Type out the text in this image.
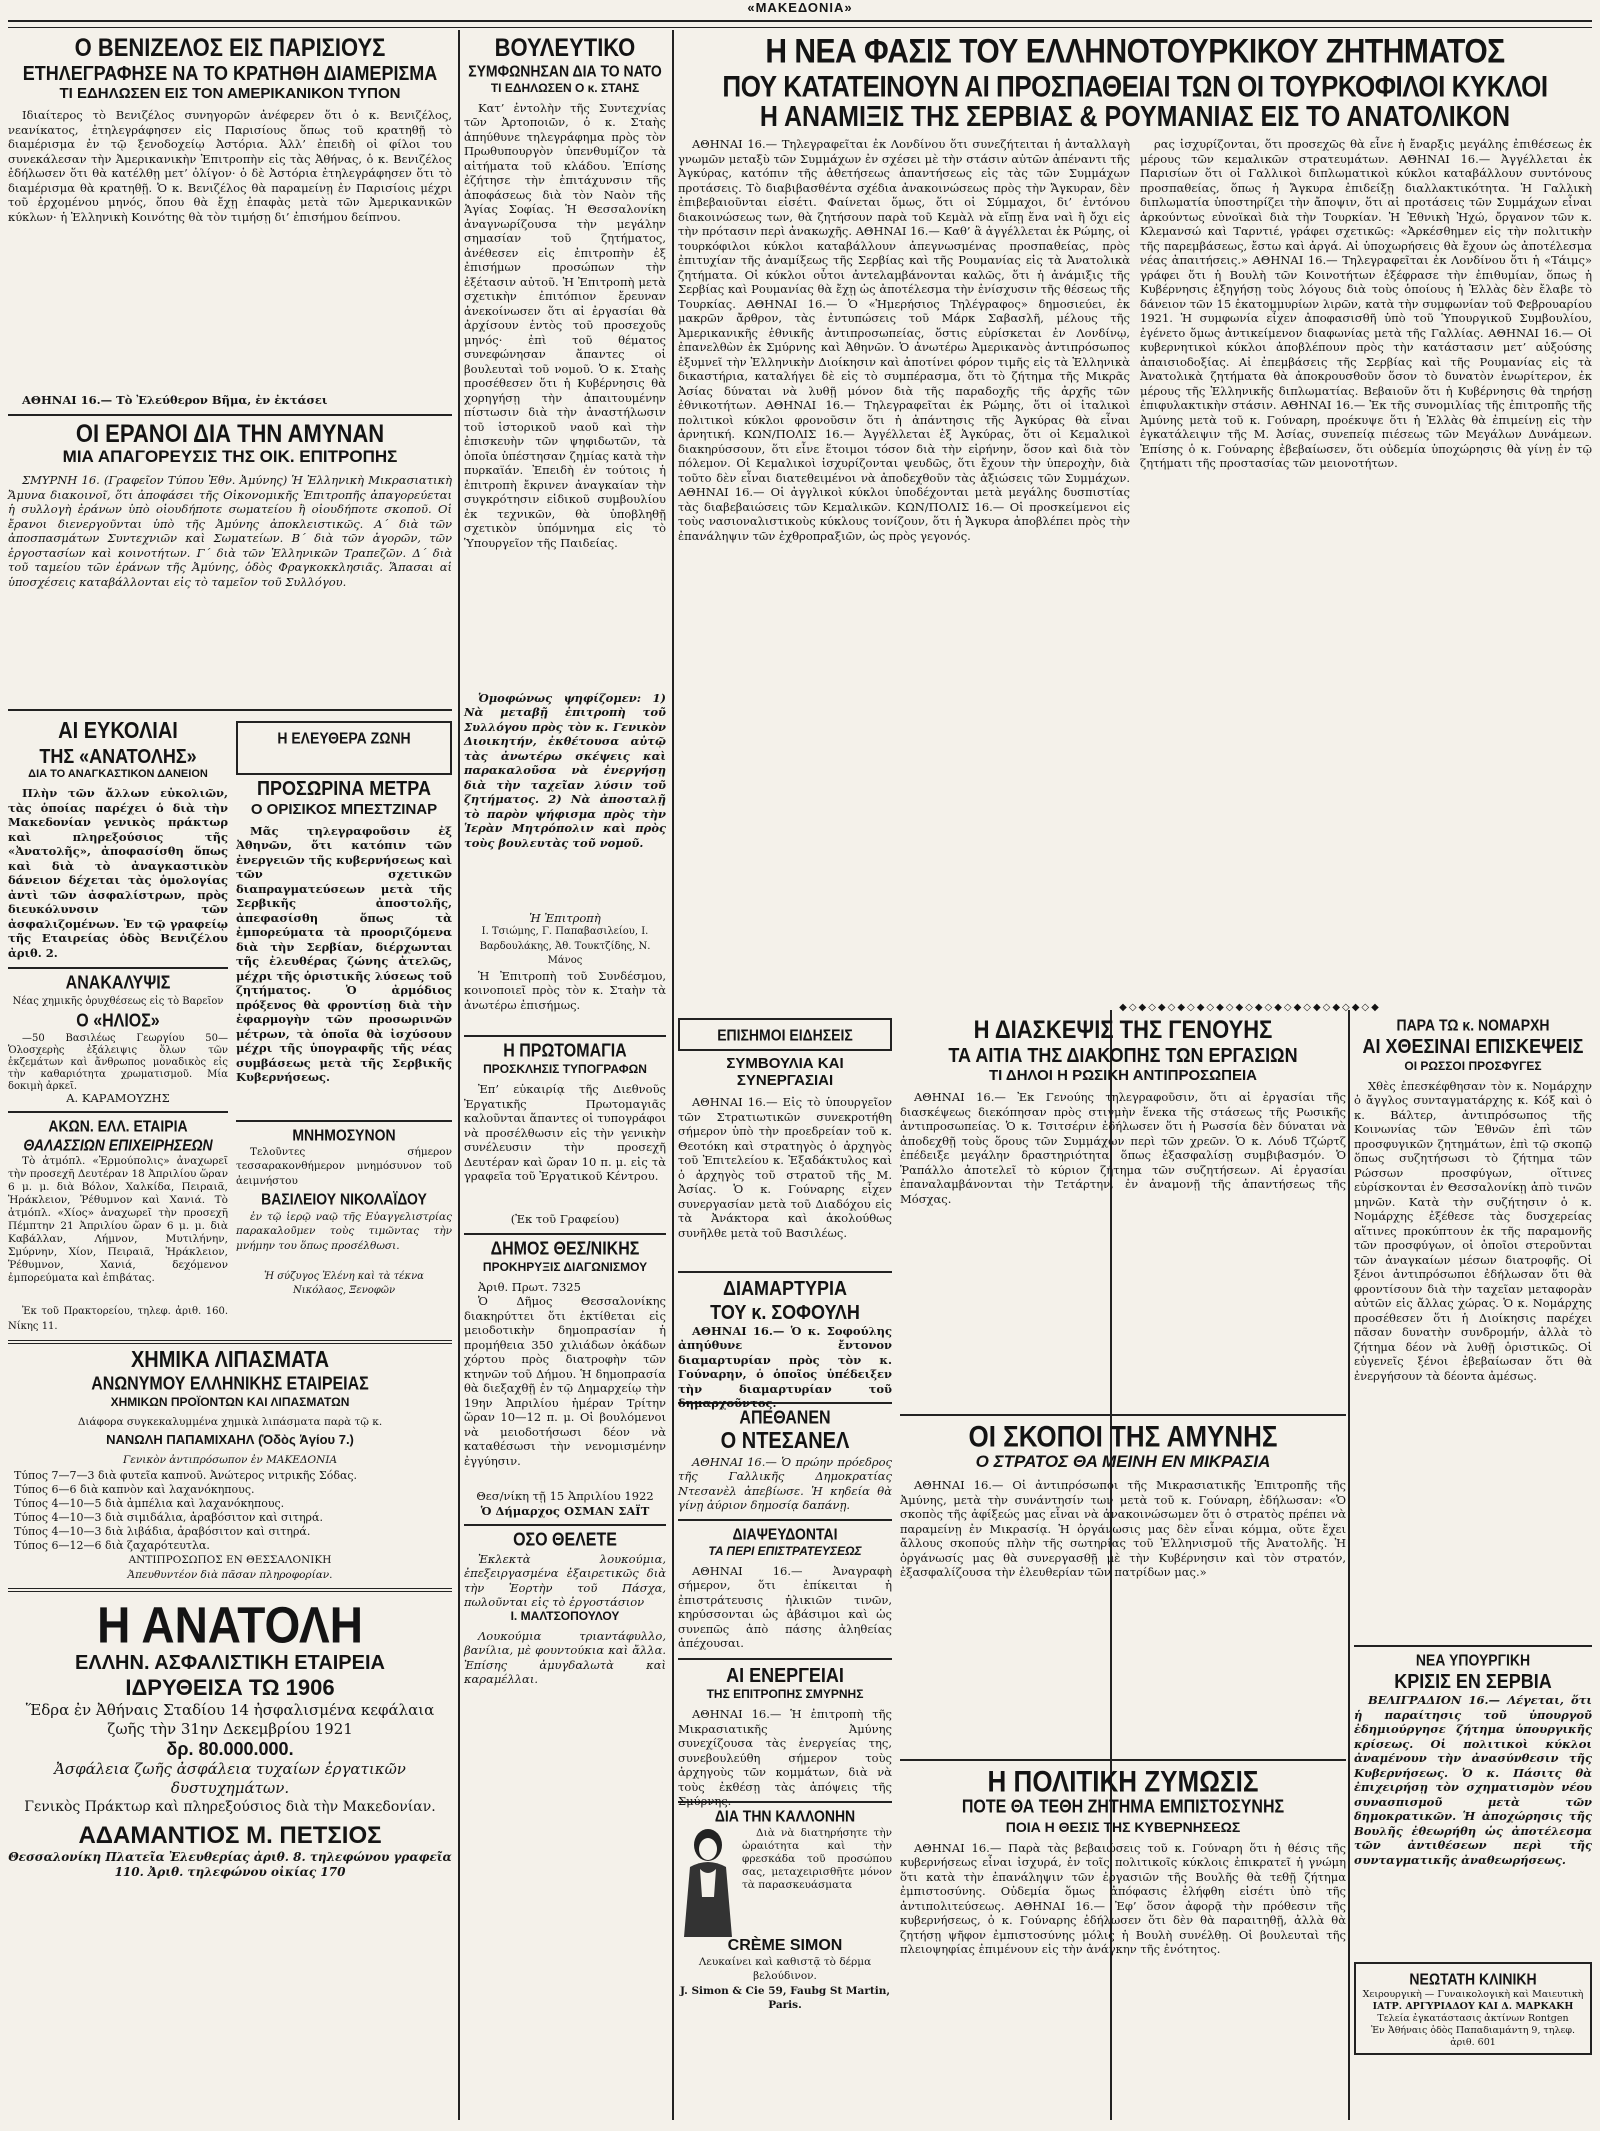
«ΜΑΚΕΔΟΝΙΑ»
Ο ΒΕΝΙΖΕΛΟΣ ΕΙΣ ΠΑΡΙΣΙΟΥΣ
ΕΤΗΛΕΓΡΑΦΗΣΕ ΝΑ ΤΟ ΚΡΑΤΗΘΗ ΔΙΑΜΕΡΙΣΜΑ
ΤΙ ΕΔΗΛΩΣΕΝ ΕΙΣ ΤΟΝ ΑΜΕΡΙΚΑΝΙΚΟΝ ΤΥΠΟΝ
Ιδιαίτερος τὸ Βενιζέλος συνηγορῶν ἀνέφερεν ὅτι ὁ κ. Βενιζέλος, νεανίκατος, ἐτηλεγράφησεν εἰς Παρισίους ὅπως τοῦ κρατηθῇ τὸ διαμέρισμα ἐν τῷ ξενοδοχείῳ Ἀστόρια. Ἀλλ’ ἐπειδὴ οἱ φίλοι του συνεκάλεσαν τὴν Ἀμερικανικὴν Ἐπιτροπὴν εἰς τὰς Ἀθήνας, ὁ κ. Βενιζέλος ἐδήλωσεν ὅτι θὰ κατέλθῃ μετ’ ὀλίγον· ὁ δὲ Ἀστόρια ἐτηλεγράφησεν ὅτι τὸ διαμέρισμα θὰ κρατηθῇ. Ὁ κ. Βενιζέλος θὰ παραμείνῃ ἐν Παρισίοις μέχρι τοῦ ἐρχομένου μηνός, ὅπου θὰ ἔχῃ ἐπαφὰς μετὰ τῶν Ἀμερικανικῶν κύκλων· ἡ Ἑλληνικὴ Κοινότης θὰ τὸν τιμήσῃ δι’ ἐπισήμου δείπνου.
ΑΘΗΝΑΙ 16.— Τὸ Ἐλεύθερον Βῆμα, ἐν ἐκτάσει
ΟΙ ΕΡΑΝΟΙ ΔΙΑ ΤΗΝ ΑΜΥΝΑΝ
ΜΙΑ ΑΠΑΓΟΡΕΥΣΙΣ ΤΗΣ ΟΙΚ. ΕΠΙΤΡΟΠΗΣ
ΣΜΥΡΝΗ 16. (Γραφεῖον Τύπου Ἐθν. Ἀμύνης) Ἡ Ἑλληνικὴ Μικρασιατικὴ Ἄμυνα διακοινοῖ, ὅτι ἀποφάσει τῆς Οἰκονομικῆς Ἐπιτροπῆς ἀπαγορεύεται ἡ συλλογὴ ἐράνων ὑπὸ οἱουδήποτε σωματείου ἢ οἱουδήποτε σκοποῦ. Οἱ ἔρανοι διενεργοῦνται ὑπὸ τῆς Ἀμύνης ἀποκλειστικῶς. Α΄ διὰ τῶν ἀποσπασμάτων Συντεχνιῶν καὶ Σωματείων. Β΄ διὰ τῶν ἀγορῶν, τῶν ἐργοστασίων καὶ κοινοτήτων. Γ΄ διὰ τῶν Ἑλληνικῶν Τραπεζῶν. Δ΄ διὰ τοῦ ταμείου τῶν ἐράνων τῆς Ἀμύνης, ὁδὸς Φραγκοκκλησιᾶς. Ἅπασαι αἱ ὑποσχέσεις καταβάλλονται εἰς τὸ ταμεῖον τοῦ Συλλόγου.
ΑΙ ΕΥΚΟΛΙΑΙ
ΤΗΣ «ΑΝΑΤΟΛΗΣ»
ΔΙΑ ΤΟ ΑΝΑΓΚΑΣΤΙΚΟΝ ΔΑΝΕΙΟΝ
Πλὴν τῶν ἄλλων εὐκολιῶν, τὰς ὁποίας παρέχει ὁ διὰ τὴν Μακεδονίαν γενικὸς πράκτωρ καὶ πληρεξούσιος τῆς «Ἀνατολῆς», ἀποφασίσθη ὅπως καὶ διὰ τὸ ἀναγκαστικὸν δάνειον δέχεται τὰς ὁμολογίας ἀντὶ τῶν ἀσφαλίστρων, πρὸς διευκόλυνσιν τῶν ἀσφαλιζομένων. Ἐν τῷ γραφείῳ τῆς Εταιρείας ὁδὸς Βενιζέλου ἀριθ. 2.
ΑΝΑΚΑΛΥΨΙΣ
Νέας χημικῆς ὀρυχθέσεως εἰς τὸ Βαρεῖον
Ο «ΗΛΙΟΣ»
—50 Βασιλέως Γεωργίου 50— Ὁλοσχερὴς ἐξάλειψις ὅλων τῶν ἐκζεμάτων καὶ ἄνθρωπος μοναδικὸς εἰς τὴν καθαριότητα χρωματισμοῦ. Μία δοκιμὴ ἀρκεῖ.
Α. ΚΑΡΑΜΟΥΖΗΣ
ΑΚΩΝ. ΕΛΛ. ΕΤΑΙΡΙΑ
ΘΑΛΑΣΣΙΩΝ ΕΠΙΧΕΙΡΗΣΕΩΝ
Τὸ ἀτμόπλ. «Ἑρμούπολις» ἀναχωρεῖ τὴν προσεχῆ Δευτέραν 18 Ἀπριλίου ὥραν 6 μ. μ. διὰ Βόλον, Χαλκίδα, Πειραιᾶ, Ἡράκλειον, Ῥέθυμνον καὶ Χανιά. Τὸ ἀτμόπλ. «Χίος» ἀναχωρεῖ τὴν προσεχῆ Πέμπτην 21 Ἀπριλίου ὥραν 6 μ. μ. διὰ Καβάλλαν, Λήμνον, Μυτιλήνην, Σμύρνην, Χίον, Πειραιᾶ, Ἡράκλειον, Ῥέθυμνον, Χανιά, δεχόμενον ἐμπορεύματα καὶ ἐπιβάτας.
Ἐκ τοῦ Πρακτορείου, τηλεφ. ἀριθ. 160. Νίκης 11.
Η ΕΛΕΥΘΕΡΑ ΖΩΝΗ
ΠΡΟΣΩΡΙΝΑ ΜΕΤΡΑ
Ο ΟΡΙΣΙΚΟΣ ΜΠΕΣΤΖΙΝΑΡ
Μᾶς τηλεγραφοῦσιν ἐξ Ἀθηνῶν, ὅτι κατόπιν τῶν ἐνεργειῶν τῆς κυβερνήσεως καὶ τῶν σχετικῶν διαπραγματεύσεων μετὰ τῆς Σερβικῆς ἀποστολῆς, ἀπεφασίσθη ὅπως τὰ ἐμπορεύματα τὰ προοριζόμενα διὰ τὴν Σερβίαν, διέρχωνται τῆς ἐλευθέρας ζώνης ἀτελῶς, μέχρι τῆς ὁριστικῆς λύσεως τοῦ ζητήματος. Ὁ ἀρμόδιος πρόξενος θὰ φροντίσῃ διὰ τὴν ἐφαρμογὴν τῶν προσωρινῶν μέτρων, τὰ ὁποῖα θὰ ἰσχύσουν μέχρι τῆς ὑπογραφῆς τῆς νέας συμβάσεως μετὰ τῆς Σερβικῆς Κυβερνήσεως.
ΜΝΗΜΟΣΥΝΟΝ
Τελοῦντες σήμερον τεσσαρακονθήμερον μνημόσυνον τοῦ ἀειμνήστου
ΒΑΣΙΛΕΙΟΥ ΝΙΚΟΛΑΪΔΟΥ
ἐν τῷ ἱερῷ ναῷ τῆς Εὐαγγελιστρίας παρακαλοῦμεν τοὺς τιμῶντας τὴν μνήμην του ὅπως προσέλθωσι.
Ἡ σύζυγος Ἑλένη καὶ τὰ τέκνα Νικόλαος, Ξενοφῶν
ΧΗΜΙΚΑ ΛΙΠΑΣΜΑΤΑ
ΑΝΩΝΥΜΟΥ ΕΛΛΗΝΙΚΗΣ ΕΤΑΙΡΕΙΑΣ
ΧΗΜΙΚΩΝ ΠΡΟΪΟΝΤΩΝ ΚΑΙ ΛΙΠΑΣΜΑΤΩΝ
Διάφορα συγκεκαλυμμένα χημικὰ λιπάσματα παρὰ τῷ κ.
ΝΑΝΩΛΗ ΠΑΠΑΜΙΧΑΗΛ (Ὁδὸς Ἁγίου 7.)
Γενικὸν ἀντιπρόσωπον ἐν ΜΑΚΕΔΟΝΙΑ
Τύπος 7—7—3 διὰ φυτεῖα καπνοῦ. Ἀνώτερος νιτρικῆς Σόδας.
Τύπος 6—6 διὰ καπνὸν καὶ λαχανόκηπους.
Τύπος 4—10—5 διὰ ἀμπέλια καὶ λαχανόκηπους.
Τύπος 4—10—3 διὰ σιμιδάλια, ἀραβόσιτον καὶ σιτηρά.
Τύπος 4—10—3 διὰ λιβάδια, ἀραβόσιτον καὶ σιτηρά.
Τύπος 6—12—6 διὰ ζαχαρότευτλα.
ΑΝΤΙΠΡΟΣΩΠΟΣ ΕΝ ΘΕΣΣΑΛΟΝΙΚΗ
Ἀπευθυντέον διὰ πᾶσαν πληροφορίαν.
Η ΑΝΑΤΟΛΗ
ΕΛΛΗΝ. ΑΣΦΑΛΙΣΤΙΚΗ ΕΤΑΙΡΕΙΑ
ΙΔΡΥΘΕΙΣΑ ΤΩ 1906
Ἕδρα ἐν Ἀθήναις Σταδίου 14 ἠσφαλισμένα κεφάλαια ζωῆς τὴν 31ην Δεκεμβρίου 1921
δρ. 80.000.000.
Ἀσφάλεια ζωῆς ἀσφάλεια τυχαίων ἐργατικῶν δυστυχημάτων.
Γενικὸς Πράκτωρ καὶ πληρεξούσιος διὰ τὴν Μακεδονίαν.
ΑΔΑΜΑΝΤΙΟΣ Μ. ΠΕΤΣΙΟΣ
Θεσσαλονίκη Πλατεῖα Ἐλευθερίας ἀριθ. 8. τηλεφώνου γραφεῖα 110. Ἀριθ. τηλεφώνου οἰκίας 170
ΒΟΥΛΕΥΤΙΚΟ
ΣΥΜΦΩΝΗΣΑΝ ΔΙΑ ΤΟ ΝΑΤΟ
ΤΙ ΕΔΗΛΩΣΕΝ Ο κ. ΣΤΑΗΣ
Κατ’ ἐντολὴν τῆς Συντεχνίας τῶν Ἀρτοποιῶν, ὁ κ. Σταὴς ἀπηύθυνε τηλεγράφημα πρὸς τὸν Πρωθυπουργὸν ὑπενθυμίζον τὰ αἰτήματα τοῦ κλάδου. Ἐπίσης ἐζήτησε τὴν ἐπιτάχυνσιν τῆς ἀποφάσεως διὰ τὸν Ναὸν τῆς Ἁγίας Σοφίας. Ἡ Θεσσαλονίκη ἀναγνωρίζουσα τὴν μεγάλην σημασίαν τοῦ ζητήματος, ἀνέθεσεν εἰς ἐπιτροπὴν ἐξ ἐπισήμων προσώπων τὴν ἐξέτασιν αὐτοῦ. Ἡ Ἐπιτροπὴ μετὰ σχετικὴν ἐπιτόπιον ἔρευναν ἀνεκοίνωσεν ὅτι αἱ ἐργασίαι θὰ ἀρχίσουν ἐντὸς τοῦ προσεχοῦς μηνός· ἐπὶ τοῦ θέματος συνεφώνησαν ἅπαντες οἱ βουλευταὶ τοῦ νομοῦ. Ὁ κ. Σταὴς προσέθεσεν ὅτι ἡ Κυβέρνησις θὰ χορηγήσῃ τὴν ἀπαιτουμένην πίστωσιν διὰ τὴν ἀναστήλωσιν τοῦ ἱστορικοῦ ναοῦ καὶ τὴν ἐπισκευὴν τῶν ψηφιδωτῶν, τὰ ὁποῖα ὑπέστησαν ζημίας κατὰ τὴν πυρκαϊάν. Ἐπειδὴ ἐν τούτοις ἡ ἐπιτροπὴ ἔκρινεν ἀναγκαίαν τὴν συγκρότησιν εἰδικοῦ συμβουλίου ἐκ τεχνικῶν, θὰ ὑποβληθῇ σχετικὸν ὑπόμνημα εἰς τὸ Ὑπουργεῖον τῆς Παιδείας.
Ὁμοφώνως ψηφίζομεν: 1) Νὰ μεταβῇ ἐπιτροπὴ τοῦ Συλλόγου πρὸς τὸν κ. Γενικὸν Διοικητήν, ἐκθέτουσα αὐτῷ τὰς ἀνωτέρω σκέψεις καὶ παρακαλοῦσα νὰ ἐνεργήσῃ διὰ τὴν ταχεῖαν λύσιν τοῦ ζητήματος. 2) Νὰ ἀποσταλῇ τὸ παρὸν ψήφισμα πρὸς τὴν Ἱερὰν Μητρόπολιν καὶ πρὸς τοὺς βουλευτὰς τοῦ νομοῦ.
Ἡ Ἐπιτροπὴ
Ι. Τσιώμης, Γ. Παπαβασιλείου, Ι. Βαρδουλάκης, Ἀθ. Τουκτζίδης, Ν. Μάνος
Ἡ Ἐπιτροπὴ τοῦ Συνδέσμου, κοινοποιεῖ πρὸς τὸν κ. Σταὴν τὰ ἀνωτέρω ἐπισήμως.
Η ΠΡΩΤΟΜΑΓΙΑ
ΠΡΟΣΚΛΗΣΙΣ ΤΥΠΟΓΡΑΦΩΝ
Ἐπ’ εὐκαιρίᾳ τῆς Διεθνοῦς Ἐργατικῆς Πρωτομαγιᾶς καλοῦνται ἅπαντες οἱ τυπογράφοι νὰ προσέλθωσιν εἰς τὴν γενικὴν συνέλευσιν τὴν προσεχῆ Δευτέραν καὶ ὥραν 10 π. μ. εἰς τὰ γραφεῖα τοῦ Ἐργατικοῦ Κέντρου.
(Ἐκ τοῦ Γραφείου)
ΔΗΜΟΣ ΘΕΣ/ΝΙΚΗΣ
ΠΡΟΚΗΡΥΞΙΣ ΔΙΑΓΩΝΙΣΜΟΥ
Ἀριθ. Πρωτ. 7325
Ὁ Δῆμος Θεσσαλονίκης διακηρύττει ὅτι ἐκτίθεται εἰς μειοδοτικὴν δημοπρασίαν ἡ προμήθεια 350 χιλιάδων ὀκάδων χόρτου πρὸς διατροφὴν τῶν κτηνῶν τοῦ Δήμου. Ἡ δημοπρασία θὰ διεξαχθῇ ἐν τῷ Δημαρχείῳ τὴν 19ην Ἀπριλίου ἡμέραν Τρίτην ὥραν 10—12 π. μ. Οἱ βουλόμενοι νὰ μειοδοτήσωσι δέον νὰ καταθέσωσι τὴν νενομισμένην ἐγγύησιν.
Θεσ/νίκη τῇ 15 Ἀπριλίου 1922
Ὁ Δήμαρχος ΟΣΜΑΝ ΣΑΪΤ
ΟΣΟ ΘΕΛΕΤΕ
Ἐκλεκτὰ λουκούμια, ἐπεξειργασμένα ἐξαιρετικῶς διὰ τὴν Ἑορτὴν τοῦ Πάσχα, πωλοῦνται εἰς τὸ ἐργοστάσιον
Ι. ΜΑΛΤΣΟΠΟΥΛΟΥ
Λουκούμια τριαντάφυλλο, βανίλια, μὲ φουντούκια καὶ ἄλλα. Ἐπίσης ἀμυγδαλωτὰ καὶ καραμέλλαι.
Η ΝΕΑ ΦΑΣΙΣ ΤΟΥ ΕΛΛΗΝΟΤΟΥΡΚΙΚΟΥ ΖΗΤΗΜΑΤΟΣ
ΠΟΥ ΚΑΤΑΤΕΙΝΟΥΝ ΑΙ ΠΡΟΣΠΑΘΕΙΑΙ ΤΩΝ ΟΙ ΤΟΥΡΚΟΦΙΛΟΙ ΚΥΚΛΟΙ
Η ΑΝΑΜΙΞΙΣ ΤΗΣ ΣΕΡΒΙΑΣ & ΡΟΥΜΑΝΙΑΣ ΕΙΣ ΤΟ ΑΝΑΤΟΛΙΚΟΝ
ΑΘΗΝΑΙ 16.— Τηλεγραφεῖται ἐκ Λονδίνου ὅτι συνεζήτειται ἡ ἀνταλλαγὴ γνωμῶν μεταξὺ τῶν Συμμάχων ἐν σχέσει μὲ τὴν στάσιν αὐτῶν ἀπέναντι τῆς Ἀγκύρας, κατόπιν τῆς ἀθετήσεως ἀπαντήσεως εἰς τὰς τῶν Συμμάχων προτάσεις. Τὸ διαβιβασθέντα σχέδια ἀνακοινώσεως πρὸς τὴν Ἄγκυραν, δὲν ἐπιβεβαιοῦνται εἰσέτι. Φαίνεται ὅμως, ὅτι οἱ Σύμμαχοι, δι’ ἐντόνου διακοινώσεως των, θὰ ζητήσουν παρὰ τοῦ Κεμὰλ νὰ εἴπῃ ἕνα ναὶ ἢ ὄχι εἰς τὴν πρότασιν περὶ ἀνακωχῆς. ΑΘΗΝΑΙ 16.— Καθ’ ἃ ἀγγέλλεται ἐκ Ρώμης, οἱ τουρκόφιλοι κύκλοι καταβάλλουν ἀπεγνωσμένας προσπαθείας, πρὸς ἐπιτυχίαν τῆς ἀναμίξεως τῆς Σερβίας καὶ τῆς Ρουμανίας εἰς τὰ Ἀνατολικὰ ζητήματα. Οἱ κύκλοι οὗτοι ἀντελαμβάνονται καλῶς, ὅτι ἡ ἀνάμιξις τῆς Σερβίας καὶ Ρουμανίας θὰ ἔχῃ ὡς ἀποτέλεσμα τὴν ἐνίσχυσιν τῆς θέσεως τῆς Τουρκίας. ΑΘΗΝΑΙ 16.— Ὁ «Ἡμερήσιος Τηλέγραφος» δημοσιεύει, ἐκ μακρῶν ἄρθρον, τὰς ἐντυπώσεις τοῦ Μάρκ Σαβασλῆ, μέλους τῆς Ἀμερικανικῆς ἐθνικῆς ἀντιπροσωπείας, ὅστις εὑρίσκεται ἐν Λονδίνῳ, ἐπανελθὼν ἐκ Σμύρνης καὶ Ἀθηνῶν. Ὁ ἀνωτέρω Ἀμερικανὸς ἀντιπρόσωπος ἐξυμνεῖ τὴν Ἑλληνικὴν Διοίκησιν καὶ ἀποτίνει φόρον τιμῆς εἰς τὰ Ἑλληνικὰ δικαστήρια, καταλήγει δὲ εἰς τὸ συμπέρασμα, ὅτι τὸ ζήτημα τῆς Μικρᾶς Ἀσίας δύναται νὰ λυθῇ μόνον διὰ τῆς παραδοχῆς τῆς ἀρχῆς τῶν ἐθνικοτήτων. ΑΘΗΝΑΙ 16.— Τηλεγραφεῖται ἐκ Ρώμης, ὅτι οἱ ἰταλικοὶ πολιτικοὶ κύκλοι φρονοῦσιν ὅτι ἡ ἀπάντησις τῆς Ἀγκύρας θὰ εἶναι ἀρνητική. ΚΩΝ/ΠΟΛΙΣ 16.— Ἀγγέλλεται ἐξ Ἀγκύρας, ὅτι οἱ Κεμαλικοὶ διακηρύσσουν, ὅτι εἶνε ἕτοιμοι τόσον διὰ τὴν εἰρήνην, ὅσον καὶ διὰ τὸν πόλεμον. Οἱ Κεμαλικοὶ ἰσχυρίζονται ψευδῶς, ὅτι ἔχουν τὴν ὑπεροχὴν, διὰ τοῦτο δὲν εἶναι διατεθειμένοι νὰ ἀποδεχθοῦν τὰς ἀξιώσεις τῶν Συμμάχων. ΑΘΗΝΑΙ 16.— Οἱ ἀγγλικοὶ κύκλοι ὑποδέχονται μετὰ μεγάλης δυσπιστίας τὰς διαβεβαιώσεις τῶν Κεμαλικῶν. ΚΩΝ/ΠΟΛΙΣ 16.— Οἱ προσκείμενοι εἰς τοὺς νασιοναλιστικοὺς κύκλους τονίζουν, ὅτι ἡ Ἄγκυρα ἀποβλέπει πρὸς τὴν ἐπανάληψιν τῶν ἐχθροπραξιῶν, ὡς πρὸς γεγονός.
ρας ἰσχυρίζονται, ὅτι προσεχῶς θὰ εἶνε ἡ ἔναρξις μεγάλης ἐπιθέσεως ἐκ μέρους τῶν κεμαλικῶν στρατευμάτων. ΑΘΗΝΑΙ 16.— Ἀγγέλλεται ἐκ Παρισίων ὅτι οἱ Γαλλικοὶ διπλωματικοὶ κύκλοι καταβάλλουν συντόνους προσπαθείας, ὅπως ἡ Ἄγκυρα ἐπιδείξῃ διαλλακτικότητα. Ἡ Γαλλικὴ διπλωματία ὑποστηρίζει τὴν ἄποψιν, ὅτι αἱ προτάσεις τῶν Συμμάχων εἶναι ἀρκούντως εὐνοϊκαὶ διὰ τὴν Τουρκίαν. Ἡ Ἐθνικὴ Ἠχώ, ὄργανον τῶν κ. Κλεμανσώ καὶ Ταρντιέ, γράφει σχετικῶς: «Ἀρκέσθημεν εἰς τὴν πολιτικὴν τῆς παρεμβάσεως, ἔστω καὶ ἀργά. Αἱ ὑποχωρήσεις θὰ ἔχουν ὡς ἀποτέλεσμα νέας ἀπαιτήσεις.» ΑΘΗΝΑΙ 16.— Τηλεγραφεῖται ἐκ Λονδίνου ὅτι ἡ «Τάιμς» γράφει ὅτι ἡ Βουλὴ τῶν Κοινοτήτων ἐξέφρασε τὴν ἐπιθυμίαν, ὅπως ἡ Κυβέρνησις ἐξηγήσῃ τοὺς λόγους διὰ τοὺς ὁποίους ἡ Ἑλλὰς δὲν ἔλαβε τὸ δάνειον τῶν 15 ἑκατομμυρίων λιρῶν, κατὰ τὴν συμφωνίαν τοῦ Φεβρουαρίου 1921. Ἡ συμφωνία εἶχεν ἀποφασισθῆ ὑπὸ τοῦ Ὑπουργικοῦ Συμβουλίου, ἐγένετο ὅμως ἀντικείμενον διαφωνίας μετὰ τῆς Γαλλίας. ΑΘΗΝΑΙ 16.— Οἱ κυβερνητικοὶ κύκλοι ἀποβλέπουν πρὸς τὴν κατάστασιν μετ’ αὐξούσης ἀπαισιοδοξίας. Αἱ ἐπεμβάσεις τῆς Σερβίας καὶ τῆς Ρουμανίας εἰς τὰ Ἀνατολικὰ ζητήματα θὰ ἀποκρουσθοῦν ὅσον τὸ δυνατὸν ἐνωρίτερον, ἐκ μέρους τῆς Ἑλληνικῆς διπλωματίας. Βεβαιοῦν ὅτι ἡ Κυβέρνησις θὰ τηρήσῃ ἐπιφυλακτικὴν στάσιν. ΑΘΗΝΑΙ 16.— Ἐκ τῆς συνομιλίας τῆς ἐπιτροπῆς τῆς Ἀμύνης μετὰ τοῦ κ. Γούναρη, προέκυψε ὅτι ἡ Ἑλλὰς θὰ ἐπιμείνῃ εἰς τὴν ἐγκατάλειψιν τῆς Μ. Ἀσίας, συνεπείᾳ πιέσεως τῶν Μεγάλων Δυνάμεων. Ἐπίσης ὁ κ. Γούναρης ἐβεβαίωσεν, ὅτι οὐδεμία ὑποχώρησις θὰ γίνῃ ἐν τῷ ζητήματι τῆς προστασίας τῶν μειονοτήτων.
◆◇◆◇◆◇◆◇◆◇◆◇◆◇◆◇◆◇◆◇◆◇◆◇◆◇◆
ΕΠΙΣΗΜΟΙ ΕΙΔΗΣΕΙΣ
ΣΥΜΒΟΥΛΙΑ ΚΑΙ ΣΥΝΕΡΓΑΣΙΑΙ
ΑΘΗΝΑΙ 16.— Εἰς τὸ ὑπουργεῖον τῶν Στρατιωτικῶν συνεκροτήθη σήμερον ὑπὸ τὴν προεδρείαν τοῦ κ. Θεοτόκη καὶ στρατηγὸς ὁ ἀρχηγὸς τοῦ Ἐπιτελείου κ. Ἐξαδάκτυλος καὶ ὁ ἀρχηγὸς τοῦ στρατοῦ τῆς Μ. Ἀσίας. Ὁ κ. Γούναρης εἶχεν συνεργασίαν μετὰ τοῦ Διαδόχου εἰς τὰ Ἀνάκτορα καὶ ἀκολούθως συνῆλθε μετὰ τοῦ Βασιλέως.
ΔΙΑΜΑΡΤΥΡΙΑ
ΤΟΥ κ. ΣΟΦΟΥΛΗ
ΑΘΗΝΑΙ 16.— Ὁ κ. Σοφούλης ἀπηύθυνε ἔντονον διαμαρτυρίαν πρὸς τὸν κ. Γούναρην, ὁ ὁποῖος ὑπέδειξεν τὴν διαμαρτυρίαν τοῦ δημαρχοῦντος.
ΑΠΕΘΑΝΕΝ
Ο ΝΤΕΣΑΝΕΛ
ΑΘΗΝΑΙ 16.— Ὁ πρώην πρόεδρος τῆς Γαλλικῆς Δημοκρατίας Ντεσανὲλ ἀπεβίωσε. Ἡ κηδεία θὰ γίνῃ ἀύριον δημοσίᾳ δαπάνῃ.
ΔΙΑΨΕΥΔΟΝΤΑΙ
ΤΑ ΠΕΡΙ ΕΠΙΣΤΡΑΤΕΥΣΕΩΣ
ΑΘΗΝΑΙ 16.— Ἀναγραφὴ σήμερον, ὅτι ἐπίκειται ἡ ἐπιστράτευσις ἡλικιῶν τινῶν, κηρύσσονται ὡς ἀβάσιμοι καὶ ὡς συνεπῶς ἀπὸ πάσης ἀληθείας ἀπέχουσαι.
ΑΙ ΕΝΕΡΓΕΙΑΙ
ΤΗΣ ΕΠΙΤΡΟΠΗΣ ΣΜΥΡΝΗΣ
ΑΘΗΝΑΙ 16.— Ἡ ἐπιτροπὴ τῆς Μικρασιατικῆς Ἀμύνης συνεχίζουσα τὰς ἐνεργείας της, συνεβουλεύθη σήμερον τοὺς ἀρχηγοὺς τῶν κομμάτων, διὰ νὰ τοὺς ἐκθέσῃ τὰς ἀπόψεις τῆς Σμύρνης.
ΔΙΑ ΤΗΝ ΚΑΛΛΟΝΗΝ
Διὰ νὰ διατηρήσητε τὴν ὡραιότητα καὶ τὴν φρεσκάδα τοῦ προσώπου σας, μεταχειρισθῆτε μόνον τὰ παρασκευάσματα
CRÈME SIMON
Λευκαίνει καὶ καθιστᾷ τὸ δέρμα βελούδινον.
J. Simon & Cie 59, Faubg St Martin, Paris.
Η ΔΙΑΣΚΕΨΙΣ ΤΗΣ ΓΕΝΟΥΗΣ
ΤΑ ΑΙΤΙΑ ΤΗΣ ΔΙΑΚΟΠΗΣ ΤΩΝ ΕΡΓΑΣΙΩΝ
ΤΙ ΔΗΛΟΙ Η ΡΩΣΙΚΗ ΑΝΤΙΠΡΟΣΩΠΕΙΑ
ΑΘΗΝΑΙ 16.— Ἐκ Γενούης τηλεγραφοῦσιν, ὅτι αἱ ἐργασίαι τῆς διασκέψεως διεκόπησαν πρὸς στιγμὴν ἕνεκα τῆς στάσεως τῆς Ρωσικῆς ἀντιπροσωπείας. Ὁ κ. Τσιτσέριν ἐδήλωσεν ὅτι ἡ Ρωσσία δὲν δύναται νὰ ἀποδεχθῇ τοὺς ὅρους τῶν Συμμάχων περὶ τῶν χρεῶν. Ὁ κ. Λόυδ Τζώρτζ ἐπέδειξε μεγάλην δραστηριότητα ὅπως ἐξασφαλίσῃ συμβιβασμόν. Ὁ Ῥαπάλλο ἀποτελεῖ τὸ κύριον ζήτημα τῶν συζητήσεων. Αἱ ἐργασίαι ἐπαναλαμβάνονται τὴν Τετάρτην, ἐν ἀναμονῇ τῆς ἀπαντήσεως τῆς Μόσχας.
ΟΙ ΣΚΟΠΟΙ ΤΗΣ ΑΜΥΝΗΣ
Ο ΣΤΡΑΤΟΣ ΘΑ ΜΕΙΝΗ ΕΝ ΜΙΚΡΑΣΙΑ
ΑΘΗΝΑΙ 16.— Οἱ ἀντιπρόσωποι τῆς Μικρασιατικῆς Ἐπιτροπῆς τῆς Ἀμύνης, μετὰ τὴν συνάντησίν των μετὰ τοῦ κ. Γούναρη, ἐδήλωσαν: «Ὁ σκοπὸς τῆς ἀφίξεώς μας εἶναι νὰ ἀνακοινώσωμεν ὅτι ὁ στρατὸς πρέπει νὰ παραμείνῃ ἐν Μικρασίᾳ. Ἡ ὀργάνωσις μας δὲν εἶναι κόμμα, οὔτε ἔχει ἄλλους σκοπούς πλὴν τῆς σωτηρίας τοῦ Ἑλληνισμοῦ τῆς Ἀνατολῆς. Ἡ ὀργάνωσίς μας θὰ συνεργασθῇ μὲ τὴν Κυβέρνησιν καὶ τὸν στρατόν, ἐξασφαλίζουσα τὴν ἐλευθερίαν τῶν πατρίδων μας.»
Η ΠΟΛΙΤΙΚΗ ΖΥΜΩΣΙΣ
ΠΟΤΕ ΘΑ ΤΕΘΗ ΖΗΤΗΜΑ ΕΜΠΙΣΤΟΣΥΝΗΣ
ΠΟΙΑ Η ΘΕΣΙΣ ΤΗΣ ΚΥΒΕΡΝΗΣΕΩΣ
ΑΘΗΝΑΙ 16.— Παρὰ τὰς βεβαιώσεις τοῦ κ. Γούναρη ὅτι ἡ θέσις τῆς κυβερνήσεως εἶναι ἰσχυρά, ἐν τοῖς πολιτικοῖς κύκλοις ἐπικρατεῖ ἡ γνώμη ὅτι κατὰ τὴν ἐπανάληψιν τῶν ἐργασιῶν τῆς Βουλῆς θὰ τεθῇ ζήτημα ἐμπιστοσύνης. Οὐδεμία ὅμως ἀπόφασις ἐλήφθη εἰσέτι ὑπὸ τῆς ἀντιπολιτεύσεως. ΑΘΗΝΑΙ 16.— Ἐφ’ ὅσον ἀφορᾷ τὴν πρόθεσιν τῆς κυβερνήσεως, ὁ κ. Γούναρης ἐδήλωσεν ὅτι δὲν θὰ παραιτηθῇ, ἀλλὰ θὰ ζητήσῃ ψῆφον ἐμπιστοσύνης μόλις ἡ Βουλὴ συνέλθῃ. Οἱ βουλευταὶ τῆς πλειοψηφίας ἐπιμένουν εἰς τὴν ἀνάγκην τῆς ἐνότητος.
ΠΑΡΑ ΤΩ κ. ΝΟΜΑΡΧΗ
ΑΙ ΧΘΕΣΙΝΑΙ ΕΠΙΣΚΕΨΕΙΣ
ΟΙ ΡΩΣΣΟΙ ΠΡΟΣΦΥΓΕΣ
Χθὲς ἐπεσκέφθησαν τὸν κ. Νομάρχην ὁ ἄγγλος συνταγματάρχης κ. Κόξ καὶ ὁ κ. Βάλτερ, ἀντιπρόσωπος τῆς Κοινωνίας τῶν Ἐθνῶν ἐπὶ τῶν προσφυγικῶν ζητημάτων, ἐπὶ τῷ σκοπῷ ὅπως συζητήσωσι τὸ ζήτημα τῶν Ρώσσων προσφύγων, οἵτινες εὑρίσκονται ἐν Θεσσαλονίκῃ ἀπὸ τινῶν μηνῶν. Κατὰ τὴν συζήτησιν ὁ κ. Νομάρχης ἐξέθεσε τὰς δυσχερείας αἵτινες προκύπτουν ἐκ τῆς παραμονῆς τῶν προσφύγων, οἱ ὁποῖοι στεροῦνται τῶν ἀναγκαίων μέσων διατροφῆς. Οἱ ξένοι ἀντιπρόσωποι ἐδήλωσαν ὅτι θὰ φροντίσουν διὰ τὴν ταχεῖαν μεταφορὰν αὐτῶν εἰς ἄλλας χώρας. Ὁ κ. Νομάρχης προσέθεσεν ὅτι ἡ Διοίκησις παρέχει πᾶσαν δυνατὴν συνδρομήν, ἀλλὰ τὸ ζήτημα δέον νὰ λυθῇ ὁριστικῶς. Οἱ εὐγενεῖς ξένοι ἐβεβαίωσαν ὅτι θὰ ἐνεργήσουν τὰ δέοντα ἀμέσως.
ΝΕΑ ΥΠΟΥΡΓΙΚΗ
ΚΡΙΣΙΣ ΕΝ ΣΕΡΒΙΑ
ΒΕΛΙΓΡΑΔΙΟΝ 16.— Λέγεται, ὅτι ἡ παραίτησις τοῦ ὑπουργοῦ ἐδημιούργησε ζήτημα ὑπουργικῆς κρίσεως. Οἱ πολιτικοὶ κύκλοι ἀναμένουν τὴν ἀνασύνθεσιν τῆς Κυβερνήσεως. Ὁ κ. Πάσιτς θὰ ἐπιχειρήσῃ τὸν σχηματισμὸν νέου συνασπισμοῦ μετὰ τῶν δημοκρατικῶν. Ἡ ἀποχώρησις τῆς Βουλῆς ἐθεωρήθη ὡς ἀποτέλεσμα τῶν ἀντιθέσεων περὶ τῆς συνταγματικῆς ἀναθεωρήσεως.
ΝΕΩΤΑΤΗ ΚΛΙΝΙΚΗ
Χειρουργικὴ — Γυναικολογικὴ καὶ Μαιευτικὴ
ΙΑΤΡ. ΑΡΓΥΡΙΑΔΟΥ ΚΑΙ Δ. ΜΑΡΚΑΚΗ
Τελεία ἐγκατάστασις ἀκτίνων Rontgen
Ἐν Ἀθήναις ὁδὸς Παπαδιαμάντη 9, τηλεφ. ἀριθ. 601
